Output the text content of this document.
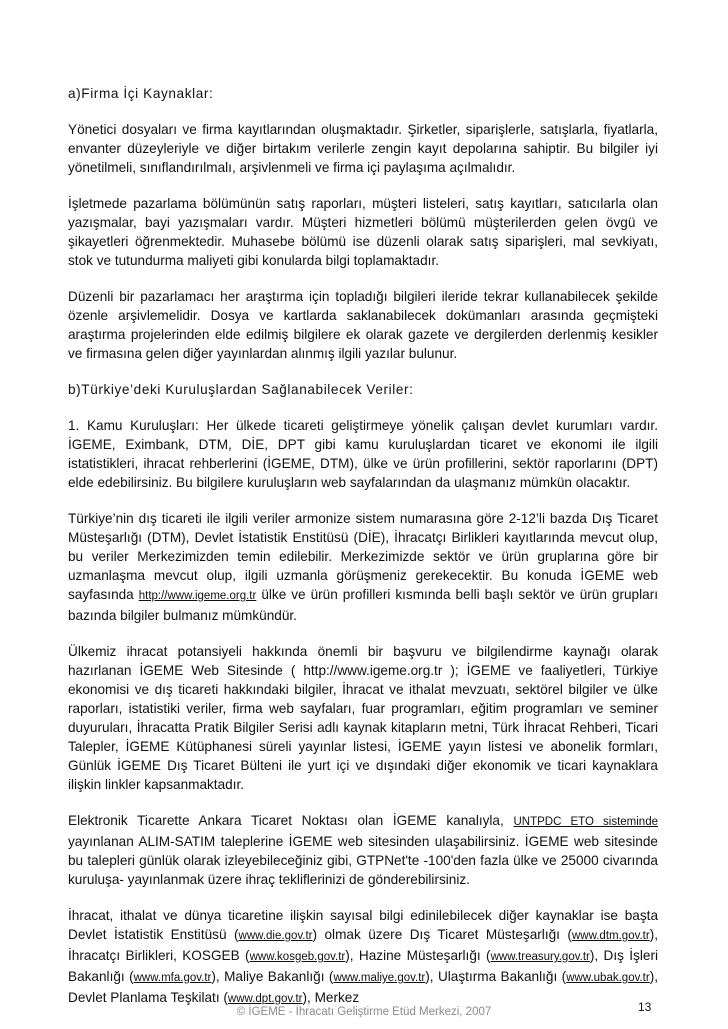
a)Firma İçi Kaynaklar:

Yönetici dosyaları ve firma kayıtlarından oluşmaktadır. Şirketler, siparişlerle, satışlarla, fiyatlarla, envanter düzeyleriyle ve diğer birtakım verilerle zengin kayıt depolarına sahiptir. Bu bilgiler iyi yönetilmeli, sınıflandırılmalı, arşivlenmeli ve firma içi paylaşıma açılmalıdır.

İşletmede pazarlama bölümünün satış raporları, müşteri listeleri, satış kayıtları, satıcılarla olan yazışmalar, bayi yazışmaları vardır. Müşteri hizmetleri bölümü müşterilerden gelen övgü ve şikayetleri öğrenmektedir. Muhasebe bölümü ise düzenli olarak satış siparişleri, mal sevkiyatı, stok ve tutundurma maliyeti gibi konularda bilgi toplamaktadır.

Düzenli bir pazarlamacı her araştırma için topladığı bilgileri ileride tekrar kullanabilecek şekilde özenle arşivlemelidir. Dosya ve kartlarda saklanabilecek dokümanları arasında geçmişteki araştırma projelerinden elde edilmiş bilgilere ek olarak gazete ve dergilerden derlenmiş kesikler ve firmasına gelen diğer yayınlardan alınmış ilgili yazılar bulunur.

b)Türkiye’deki Kuruluşlardan Sağlanabilecek Veriler:

1. Kamu Kuruluşları: Her ülkede ticareti geliştirmeye yönelik çalışan devlet kurumları vardır. İGEME, Eximbank, DTM, DİE, DPT gibi kamu kuruluşlardan ticaret ve ekonomi ile ilgili istatistikleri, ihracat rehberlerini (İGEME, DTM), ülke ve ürün profillerini, sektör raporlarını (DPT) elde edebilirsiniz. Bu bilgilere kuruluşların web sayfalarından da ulaşmanız mümkün olacaktır.

Türkiye’nin dış ticareti ile ilgili veriler armonize sistem numarasına göre 2-12’li bazda Dış Ticaret Müsteşarlığı (DTM), Devlet İstatistik Enstitüsü (DİE), İhracatçı Birlikleri kayıtlarında mevcut olup, bu veriler Merkezimizden temin edilebilir. Merkezimizde sektör ve ürün gruplarına göre bir uzmanlaşma mevcut olup, ilgili uzmanla görüşmeniz gerekecektir. Bu konuda İGEME web sayfasında http://www.igeme.org.tr ülke ve ürün profilleri kısmında belli başlı sektör ve ürün grupları bazında bilgiler bulmanız mümkündür.

Ülkemiz ihracat potansiyeli hakkında önemli bir başvuru ve bilgilendirme kaynağı olarak hazırlanan İGEME Web Sitesinde ( http://www.igeme.org.tr ); İGEME ve faaliyetleri, Türkiye ekonomisi ve dış ticareti hakkındaki bilgiler, İhracat ve ithalat mevzuatı, sektörel bilgiler ve ülke raporları, istatistiki veriler, firma web sayfaları, fuar programları, eğitim programları ve seminer duyuruları, İhracatta Pratik Bilgiler Serisi adlı kaynak kitapların metni, Türk İhracat Rehberi, Ticari Talepler, İGEME Kütüphanesi süreli yayınlar listesi, İGEME yayın listesi ve abonelik formları, Günlük İGEME Dış Ticaret Bülteni ile yurt içi ve dışındaki diğer ekonomik ve ticari kaynaklara ilişkin linkler kapsanmaktadır.

Elektronik Ticarette Ankara Ticaret Noktası olan İGEME kanalıyla, UNTPDC ETO sisteminde yayınlanan ALIM-SATIM taleplerine İGEME web sitesinden ulaşabilirsiniz. İGEME web sitesinde bu talepleri günlük olarak izleyebileceğiniz gibi, GTPNet'te -100'den fazla ülke ve 25000 civarında kuruluşa- yayınlanmak üzere ihraç tekliflerinizi de gönderebilirsiniz.

İhracat, ithalat ve dünya ticaretine ilişkin sayısal bilgi edinilebilecek diğer kaynaklar ise başta Devlet İstatistik Enstitüsü (www.die.gov.tr) olmak üzere Dış Ticaret Müsteşarlığı (www.dtm.gov.tr), İhracatçı Birlikleri, KOSGEB (www.kosgeb.gov.tr), Hazine Müsteşarlığı (www.treasury.gov.tr), Dış İşleri Bakanlığı (www.mfa.gov.tr), Maliye Bakanlığı (www.maliye.gov.tr), Ulaştırma Bakanlığı (www.ubak.gov.tr), Devlet Planlama Teşkilatı (www.dpt.gov.tr), Merkez

© İGEME - İhracatı Geliştirme Etüd Merkezi, 2007	13
